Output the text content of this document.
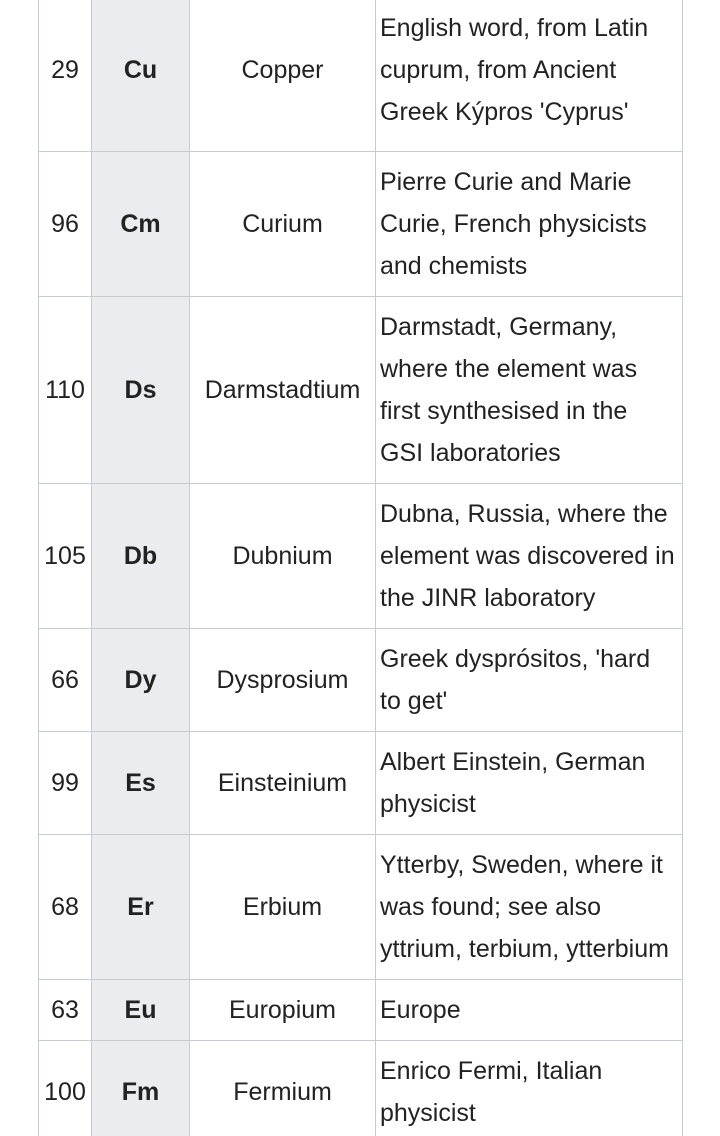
29	Cu	Copper	English word, from Latin cuprum, from Ancient Greek Kýpros 'Cyprus'
96	Cm	Curium	Pierre Curie and Marie Curie, French physicists and chemists
110	Ds	Darmstadtium	Darmstadt, Germany, where the element was first synthesised in the GSI laboratories
105	Db	Dubnium	Dubna, Russia, where the element was discovered in the JINR laboratory
66	Dy	Dysprosium	Greek dysprósitos, 'hard to get'
99	Es	Einsteinium	Albert Einstein, German physicist
68	Er	Erbium	Ytterby, Sweden, where it was found; see also yttrium, terbium, ytterbium
63	Eu	Europium	Europe
100	Fm	Fermium	Enrico Fermi, Italian physicist
